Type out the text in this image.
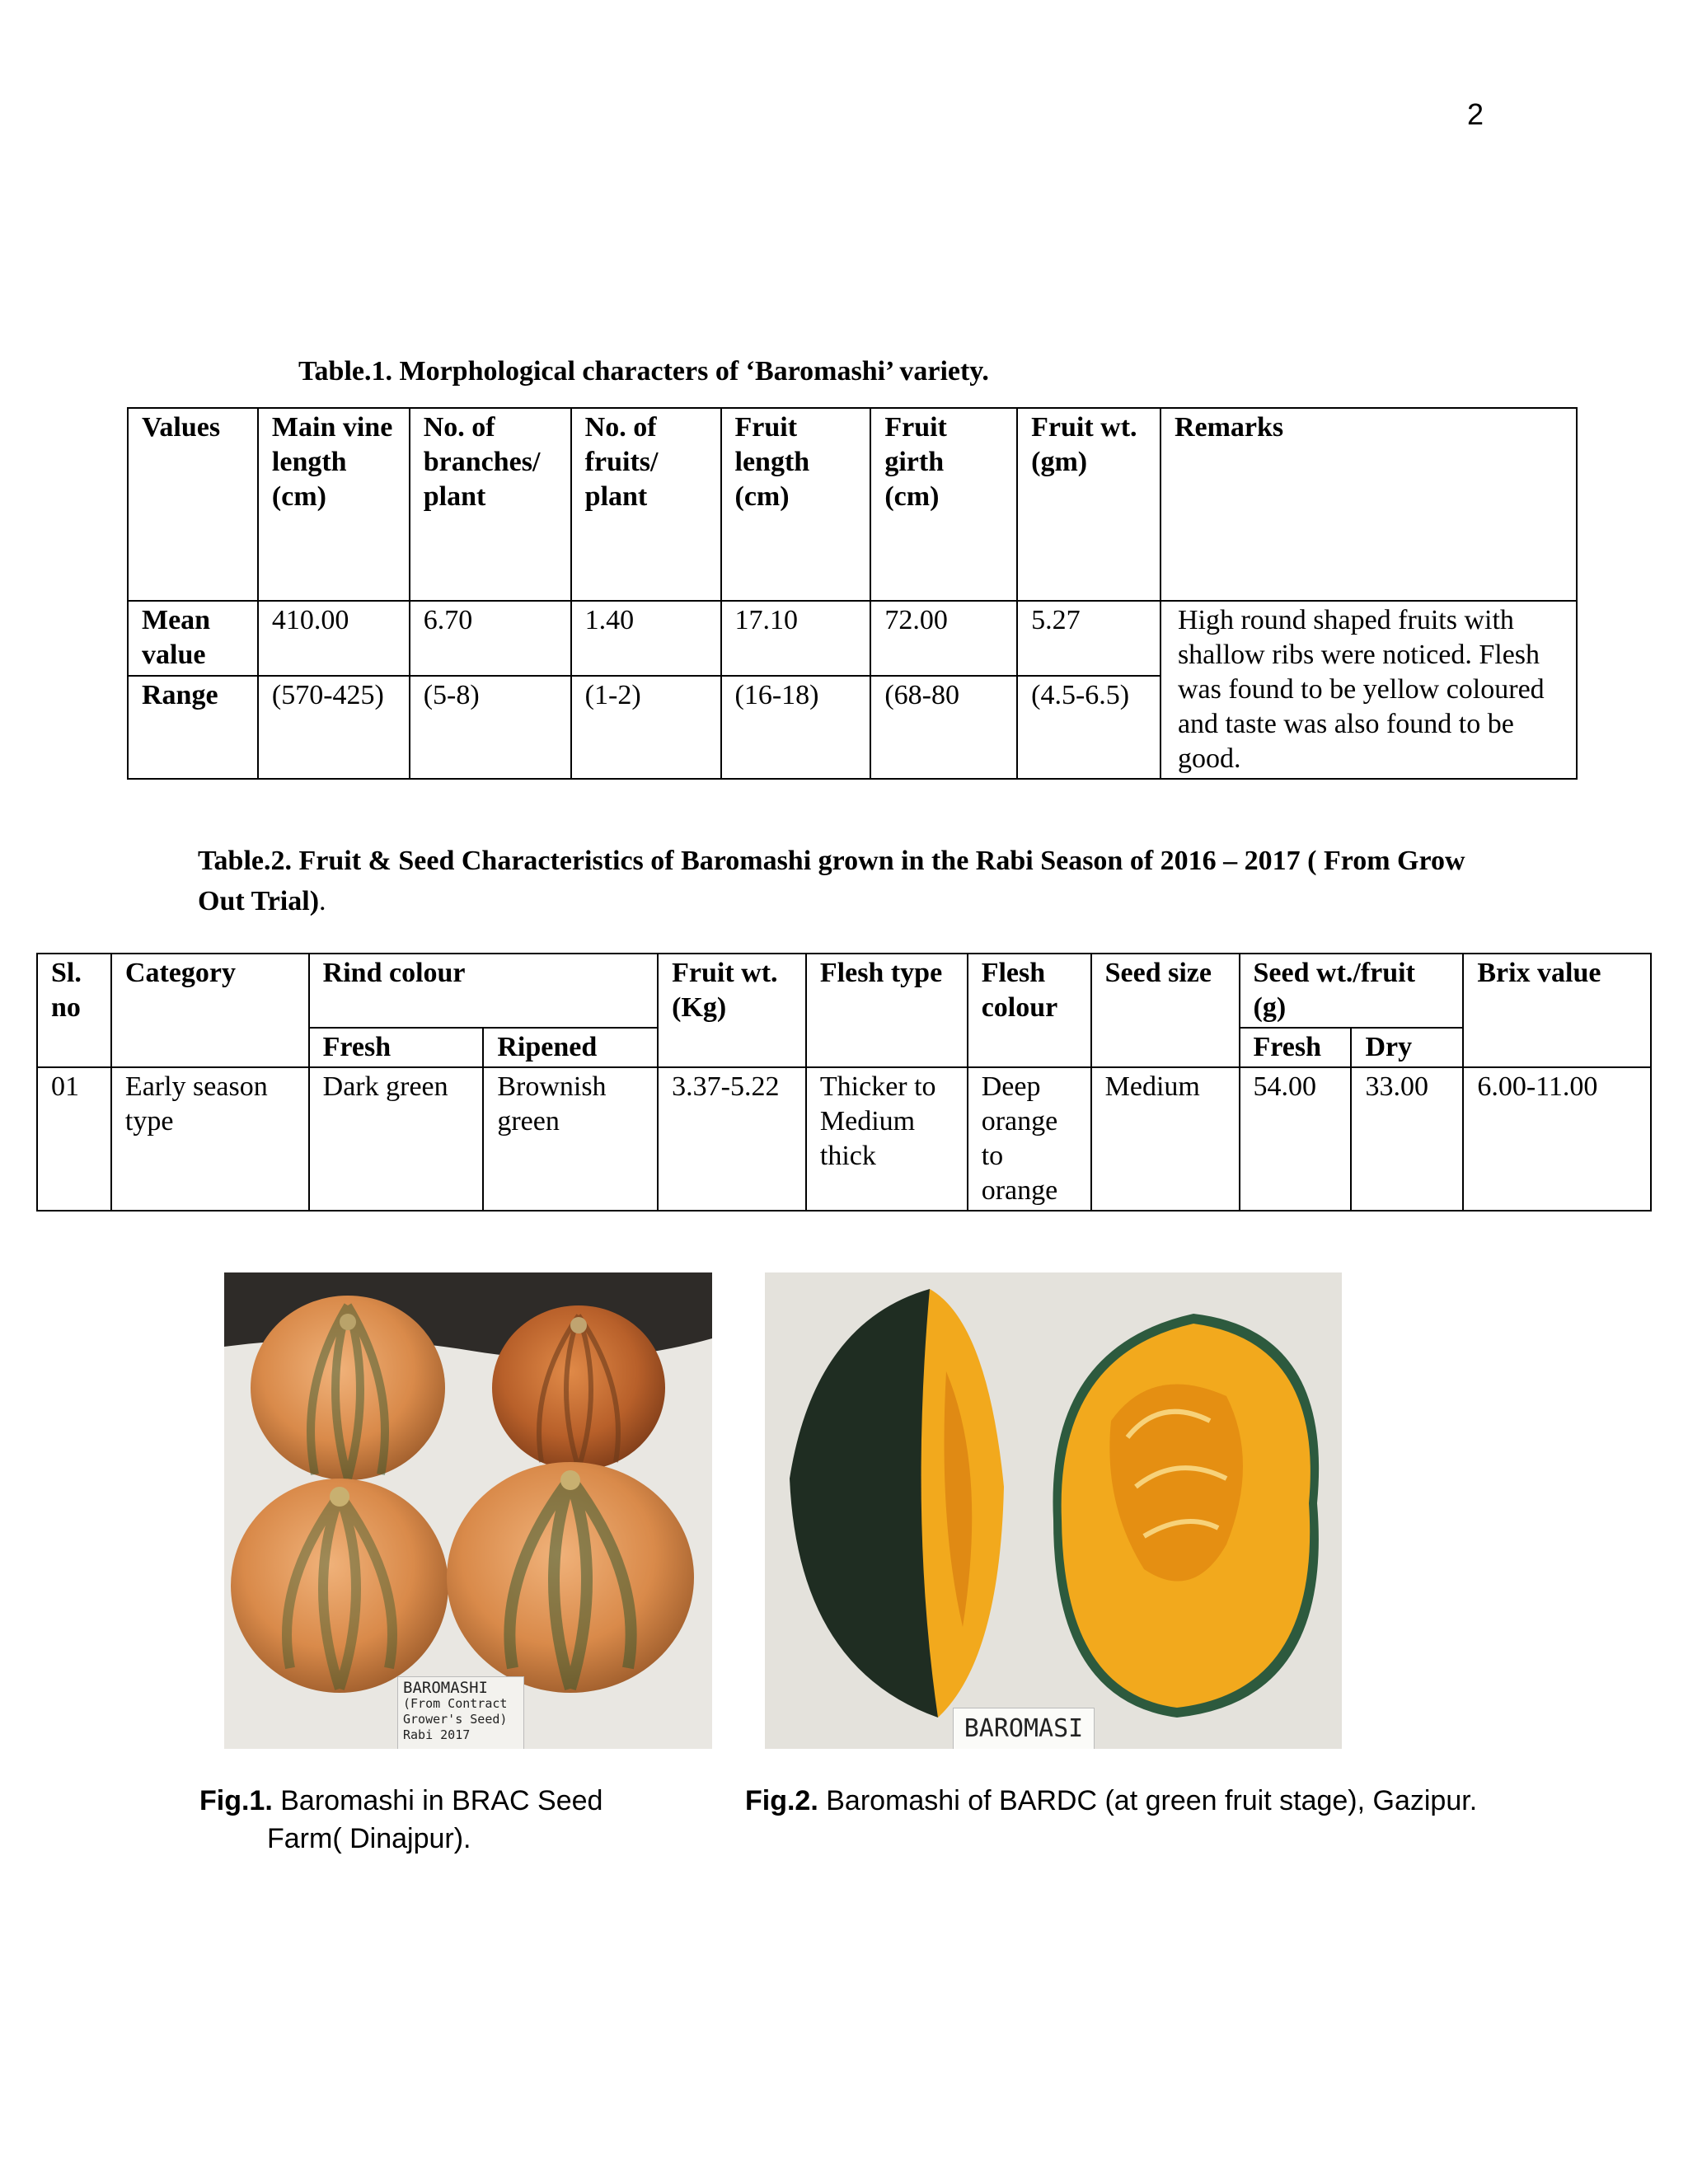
2
Table.1. Morphological characters of ‘Baromashi’ variety.
Values	Main vine length (cm)	No. of branches/ plant	No. of fruits/ plant	Fruit length (cm)	Fruit girth (cm)	Fruit wt. (gm)	Remarks
Mean value	410.00	6.70	1.40	17.10	72.00	5.27	High round shaped fruits with shallow ribs were noticed. Flesh was found to be yellow coloured and taste was also found to be good.
Range	(570-425)	(5-8)	(1-2)	(16-18)	(68-80	(4.5-6.5)	
Table.2. Fruit & Seed Characteristics of Baromashi grown in the Rabi Season of 2016 – 2017 ( From Grow Out Trial).
Sl. no	Category	Rind colour		Fruit wt. (Kg)	Flesh type	Flesh colour	Seed size	Seed wt./fruit (g)		Brix value
		Fresh	Ripened					Fresh	Dry	
01	Early season type	Dark green	Brownish green	3.37-5.22	Thicker to Medium thick	Deep orange to orange	Medium	54.00	33.00	6.00-11.00
BAROMASHI
(From Contract
Grower's Seed)
Rabi 2017	BAROMASI
Fig.1. Baromashi in BRAC Seed
Farm( Dinajpur).
Fig.2. Baromashi of BARDC (at green fruit stage), Gazipur.
